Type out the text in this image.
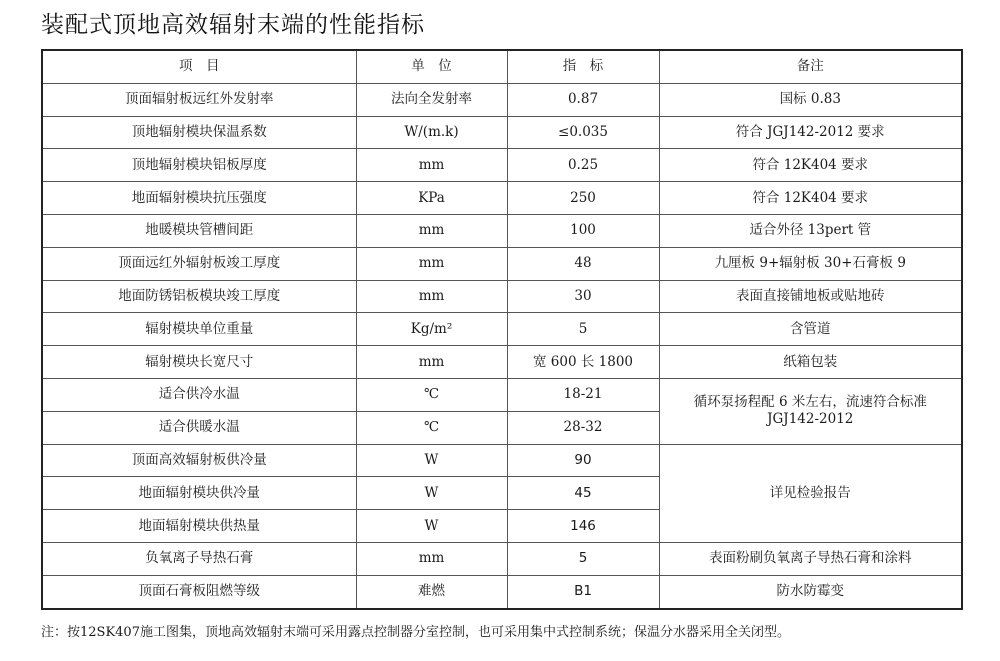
装配式顶地高效辐射末端的性能指标
项　目	单　位	指　标	备注
顶面辐射板远红外发射率	法向全发射率	0.87	国标 0.83
顶地辐射模块保温系数	W/(m.k)	≤0.035	符合 JGJ142-2012 要求
顶地辐射模块铝板厚度	mm	0.25	符合 12K404 要求
地面辐射模块抗压强度	KPa	250	符合 12K404 要求
地暖模块管槽间距	mm	100	适合外径 13pert 管
顶面远红外辐射板竣工厚度	mm	48	九厘板 9+辐射板 30+石膏板 9
地面防锈铝板模块竣工厚度	mm	30	表面直接铺地板或贴地砖
辐射模块单位重量	Kg/m²	5	含管道
辐射模块长宽尺寸	mm	宽 600 长 1800	纸箱包装
适合供冷水温	℃	18-21	循环泵扬程配 6 米左右，流速符合标准 JGJ142-2012
适合供暖水温	℃	28-32	
顶面高效辐射板供冷量	W	90	详见检验报告
地面辐射模块供冷量	W	45	
地面辐射模块供热量	W	146	
负氧离子导热石膏	mm	5	表面粉刷负氧离子导热石膏和涂料
顶面石膏板阻燃等级	难燃	B1	防水防霉变
注：按12SK407施工图集，顶地高效辐射末端可采用露点控制器分室控制，也可采用集中式控制系统；保温分水器采用全关闭型。
